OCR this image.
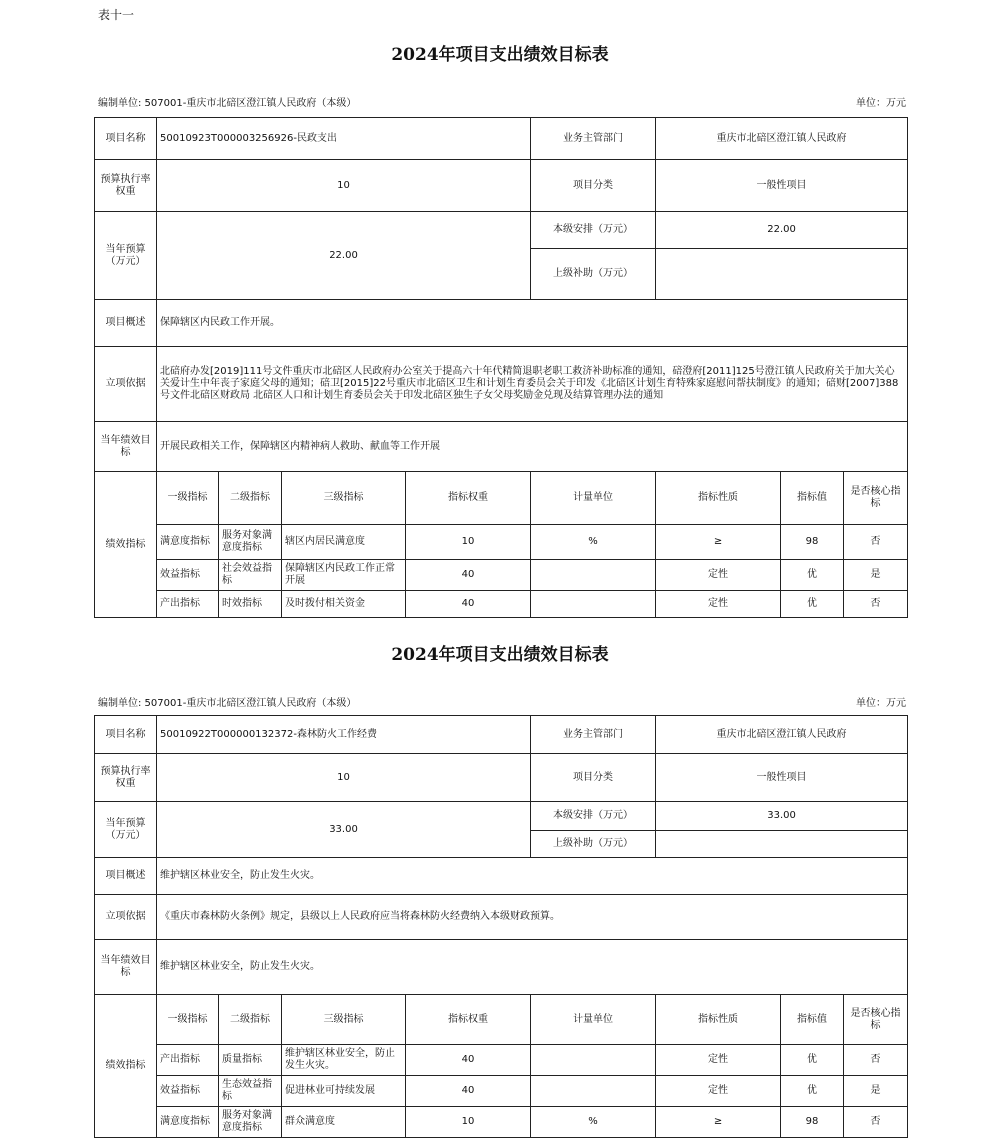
表十一
2024年项目支出绩效目标表
编制单位: 507001-重庆市北碚区澄江镇人民政府（本级）	单位：万元
项目名称	50010923T000003256926-民政支出				业务主管部门	重庆市北碚区澄江镇人民政府		
预算执行率权重	10				项目分类	一般性项目		
当年预算（万元）	22.00				本级安排（万元）	22.00		
					上级补助（万元）			
项目概述	保障辖区内民政工作开展。							
立项依据	北碚府办发[2019]111号文件重庆市北碚区人民政府办公室关于提高六十年代精简退职老职工救济补助标准的通知，碚澄府[2011]125号澄江镇人民政府关于加大关心关爱计生中年丧子家庭父母的通知；碚卫[2015]22号重庆市北碚区卫生和计划生育委员会关于印发《北碚区计划生育特殊家庭慰问帮扶制度》的通知；碚财[2007]388号文件北碚区财政局 北碚区人口和计划生育委员会关于印发北碚区独生子女父母奖励金兑现及结算管理办法的通知							
当年绩效目标	开展民政相关工作，保障辖区内精神病人救助、献血等工作开展							
绩效指标	一级指标	二级指标	三级指标	指标权重	计量单位	指标性质	指标值	是否核心指标
	满意度指标	服务对象满意度指标	辖区内居民满意度	10	%	≥	98	否
	效益指标	社会效益指标	保障辖区内民政工作正常开展	40		定性	优	是
	产出指标	时效指标	及时拨付相关资金	40		定性	优	否
2024年项目支出绩效目标表
编制单位: 507001-重庆市北碚区澄江镇人民政府（本级）	单位：万元
项目名称	50010922T000000132372-森林防火工作经费				业务主管部门	重庆市北碚区澄江镇人民政府		
预算执行率权重	10				项目分类	一般性项目		
当年预算（万元）	33.00				本级安排（万元）	33.00		
					上级补助（万元）			
项目概述	维护辖区林业安全，防止发生火灾。							
立项依据	《重庆市森林防火条例》规定，县级以上人民政府应当将森林防火经费纳入本级财政预算。							
当年绩效目标	维护辖区林业安全，防止发生火灾。							
绩效指标	一级指标	二级指标	三级指标	指标权重	计量单位	指标性质	指标值	是否核心指标
	产出指标	质量指标	维护辖区林业安全，防止发生火灾。	40		定性	优	否
	效益指标	生态效益指标	促进林业可持续发展	40		定性	优	是
	满意度指标	服务对象满意度指标	群众满意度	10	%	≥	98	否
